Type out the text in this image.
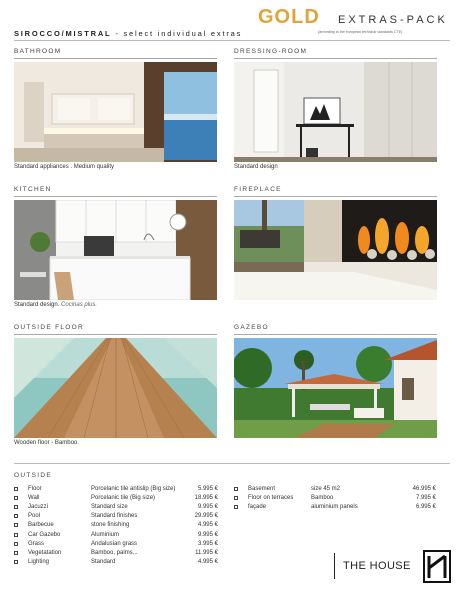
GOLD EXTRAS-PACK
SIROCCO/MISTRAL - select individual extras	(according to the european technical standards CTE)
BATHROOM
Standard appliances . Medium quality
DRESSING-ROOM
Standard design
KITCHEN
Standard design. Cocinas plus.
FIREPLACE
OUTSIDE FLOOR
Wooden floor - Bamboo.
GAZEBO
OUTSIDE
Floor	Porcelanic tile antislip (Big size)	5.995 €
Wall	Porcelanic tile (Big size)	18.995 €
Jacuzzi	Standard size	9.995 €
Pool	Standard finishes	29.995 €
Barbecue	stone finishing	4.995 €
Car Gazebo	Aluminium	9.995 €
Grass	Andalusian grass	3.995 €
Vegetatation	Bamboo, palms...	11.995 €
Lighting	Standard	4.995 €
Basement	size 45 m2	46.995 €
Floor on terraces	Bamboo	7.995 €
façade	aluminium panels	6.995 €
THE HOUSE
